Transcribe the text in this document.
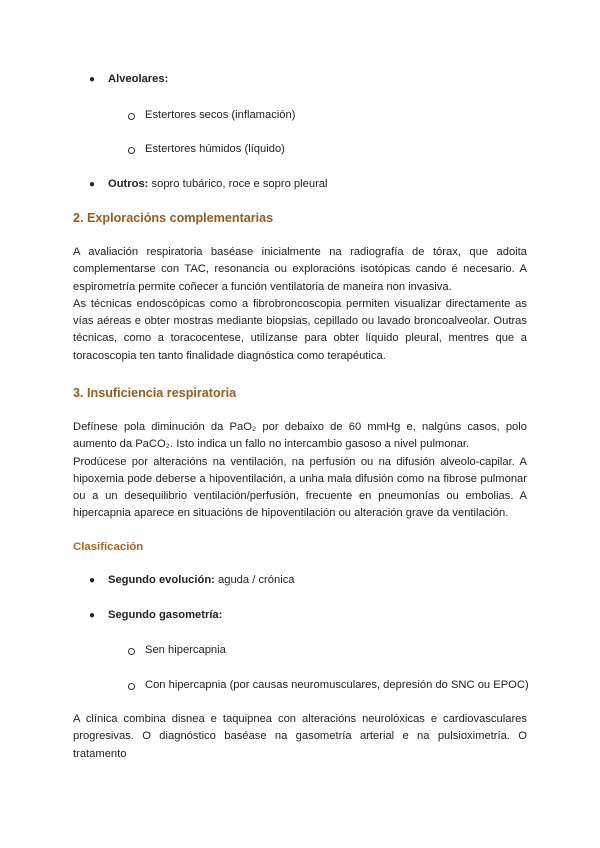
● Alveolares:
Estertores secos (inflamación)
Estertores húmidos (líquido)
● Outros: sopro tubárico, roce e sopro pleural
2. Exploracións complementarias

A avaliación respiratoria baséase inicialmente na radiografía de tórax, que adoita complementarse con TAC, resonancia ou exploracións isotópicas cando é necesario. A espirometría permite coñecer a función ventilatoria de maneira non invasiva.

As técnicas endoscópicas como a fibrobroncoscopia permiten visualizar directamente as vías aéreas e obter mostras mediante biopsias, cepillado ou lavado broncoalveolar. Outras técnicas, como a toracocentese, utilízanse para obter líquido pleural, mentres que a toracoscopia ten tanto finalidade diagnóstica como terapéutica.

3. Insuficiencia respiratoria

Defínese pola diminución da PaO₂ por debaixo de 60 mmHg e, nalgúns casos, polo aumento da PaCO₂. Isto indica un fallo no intercambio gasoso a nivel pulmonar.

Prodúcese por alteracións na ventilación, na perfusión ou na difusión alveolo-capilar. A hipoxemia pode deberse a hipoventilación, a unha mala difusión como na fibrose pulmonar ou a un desequilibrio ventilación/perfusión, frecuente en pneumonías ou embolias. A hipercapnia aparece en situacións de hipoventilación ou alteración grave da ventilación.

Clasificación
● Segundo evolución: aguda / crónica
● Segundo gasometría:
Sen hipercapnia
Con hipercapnia (por causas neuromusculares, depresión do SNC ou EPOC)

A clínica combina disnea e taquipnea con alteracións neurolóxicas e cardiovasculares progresivas. O diagnóstico baséase na gasometría arterial e na pulsioximetría. O tratamento
